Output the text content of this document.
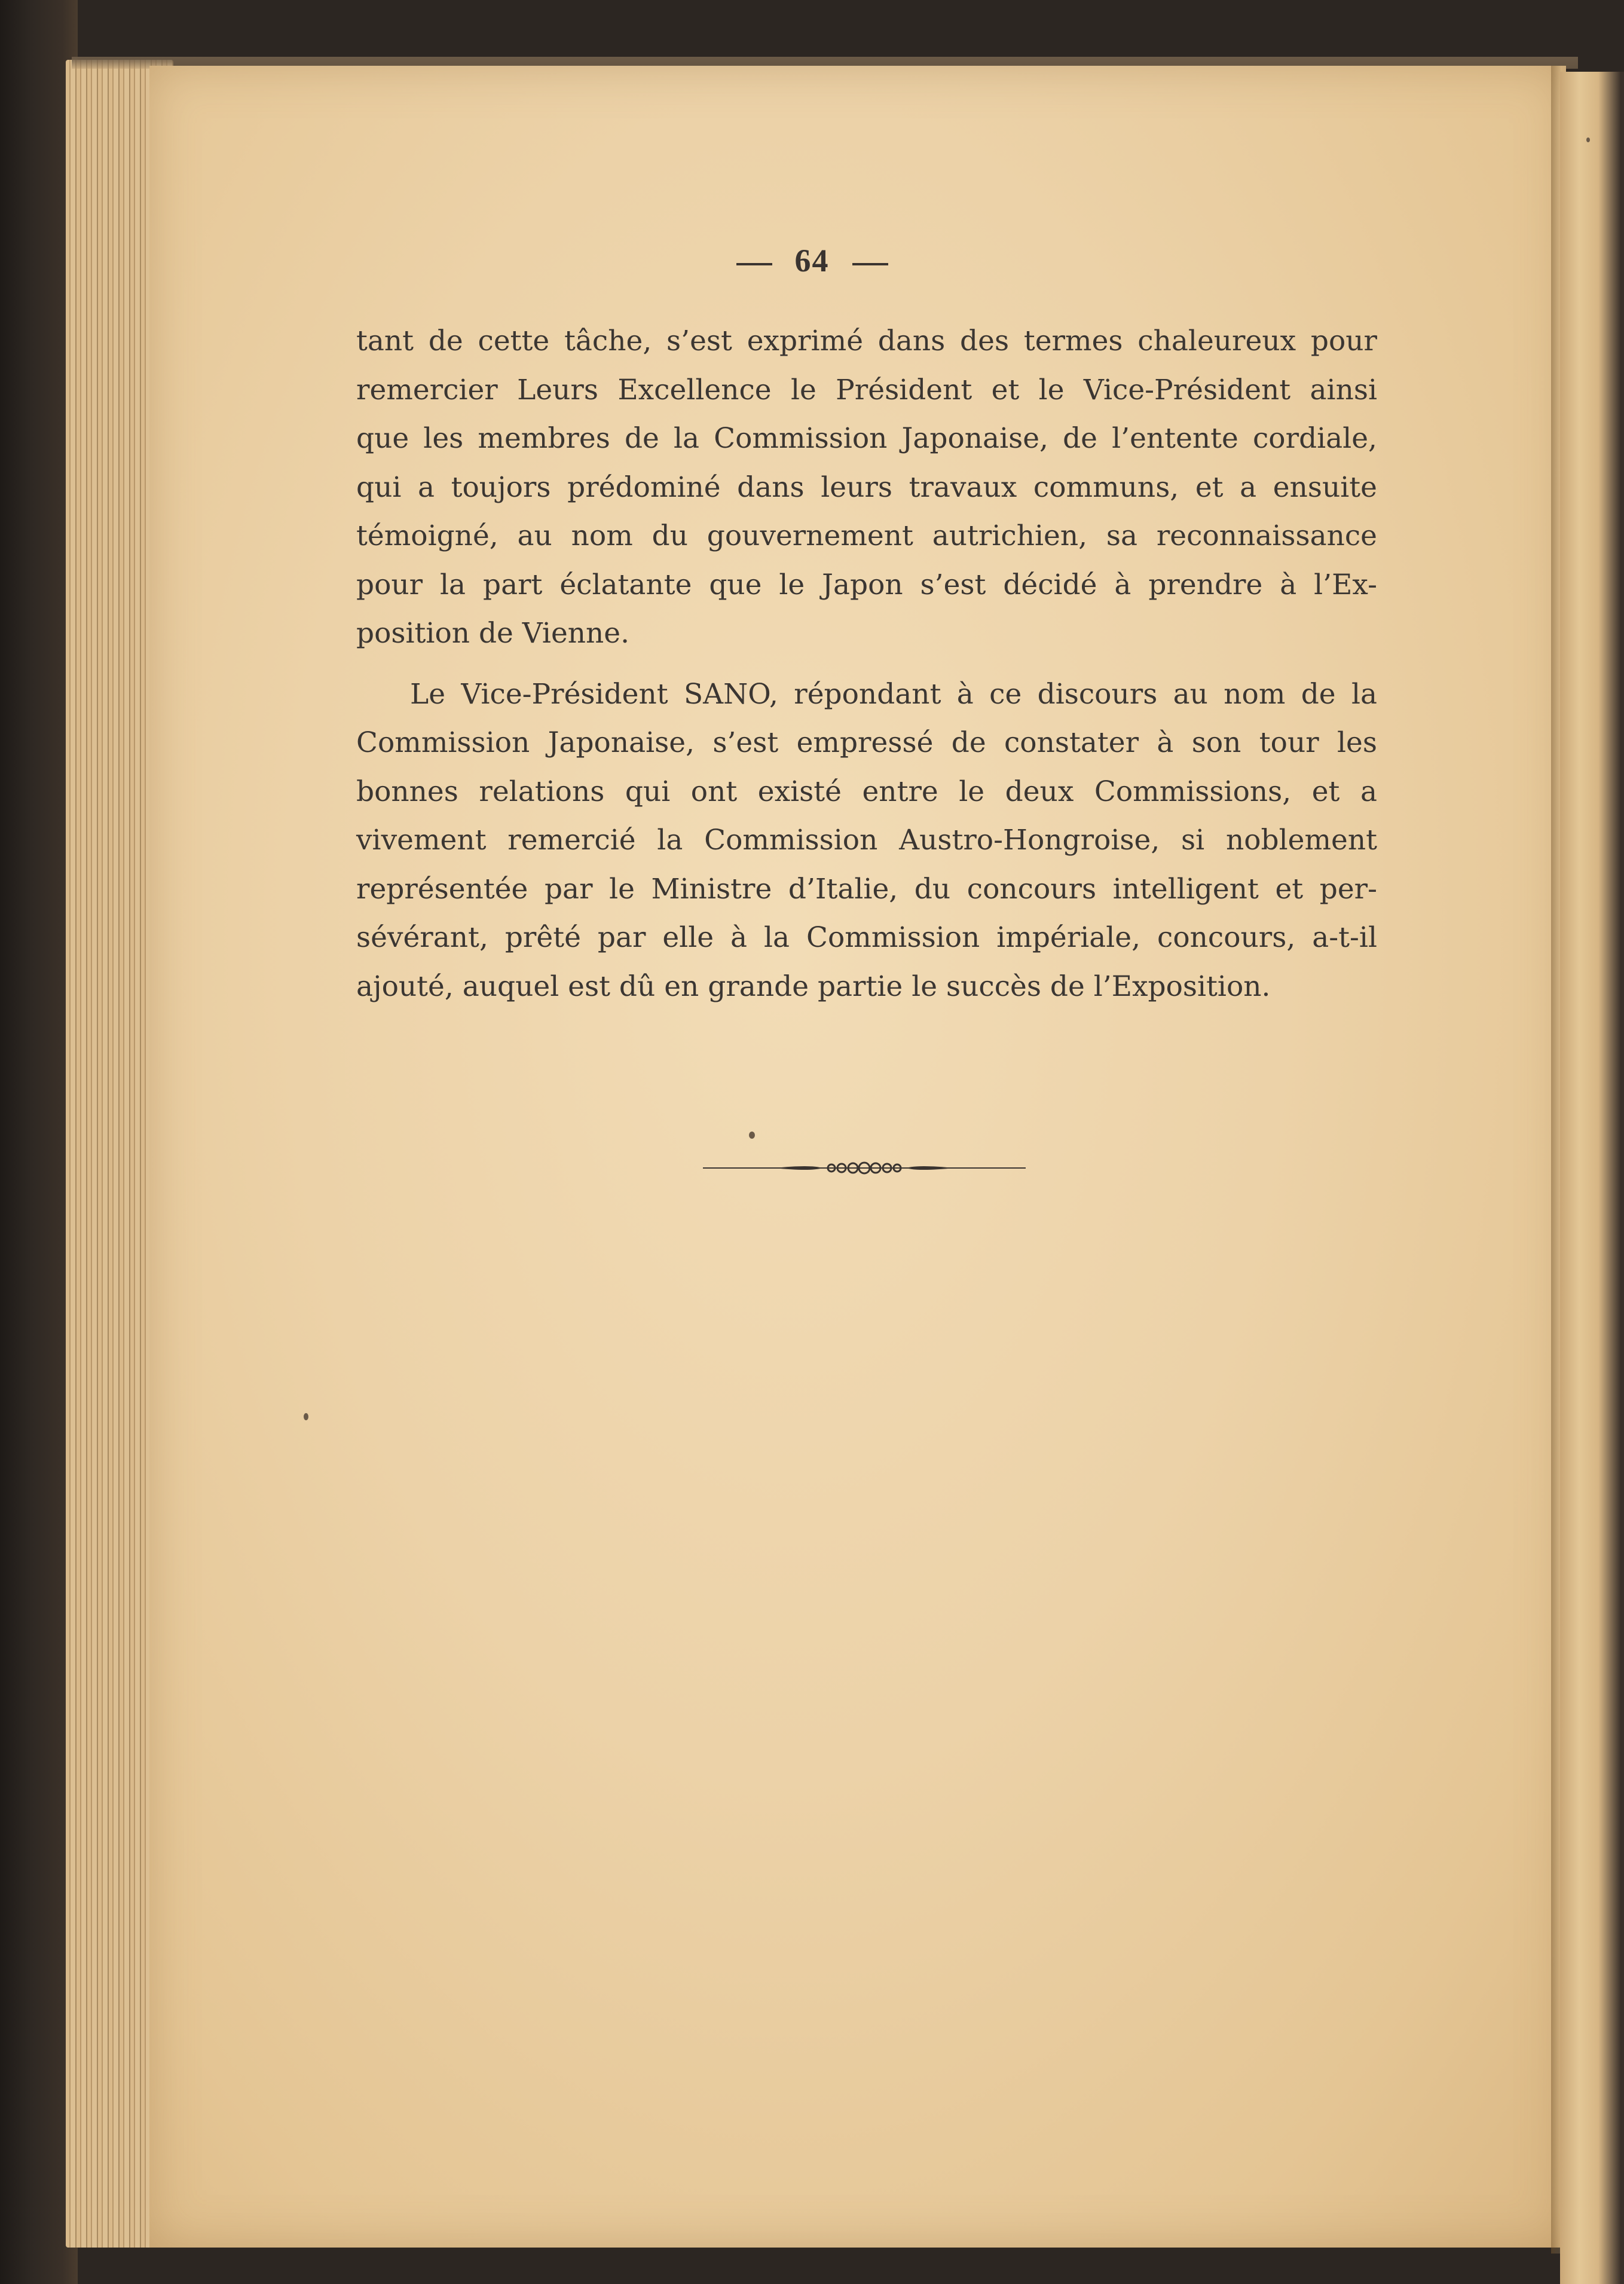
64

tant de cette tâche, s’est exprimé dans des termes chaleureux pour
remercier Leurs Excellence le Président et le Vice-Président ainsi
que les membres de la Commission Japonaise, de l’entente cordiale,
qui a toujors prédominé dans leurs travaux communs, et a ensuite
témoigné, au nom du gouvernement autrichien, sa reconnaissance
pour la part éclatante que le Japon s’est décidé à prendre à l’Ex-
position de Vienne.

Le Vice-Président SANO, répondant à ce discours au nom de la
Commission Japonaise, s’est empressé de constater à son tour les
bonnes relations qui ont existé entre le deux Commissions, et a
vivement remercié la Commission Austro-Hongroise, si noblement
représentée par le Ministre d’Italie, du concours intelligent et per-
sévérant, prêté par elle à la Commission impériale, concours, a-t-il
ajouté, auquel est dû en grande partie le succès de l’Exposition.
